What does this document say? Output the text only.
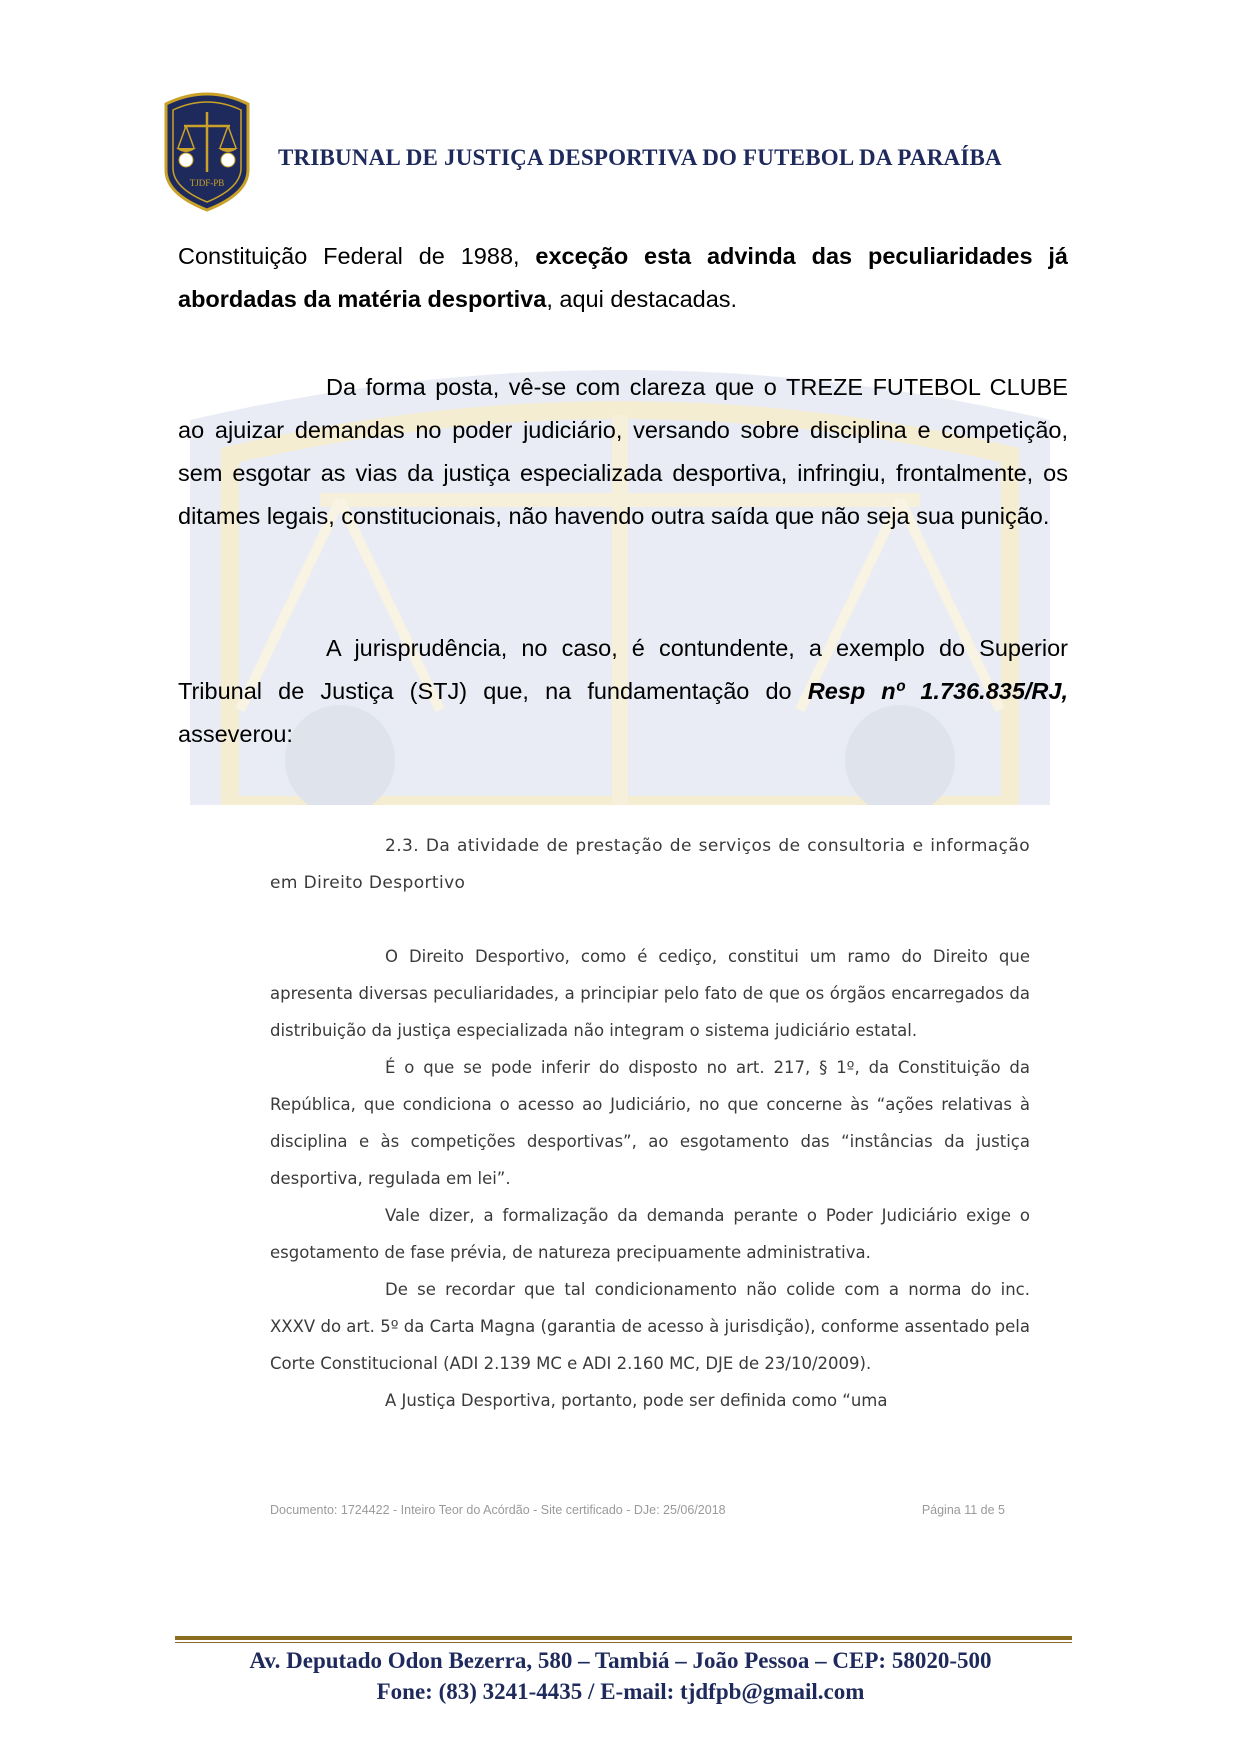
TJDF-PB
TRIBUNAL DE JUSTIÇA DESPORTIVA DO FUTEBOL DA PARAÍBA
Constituição Federal de 1988, exceção esta advinda das peculiaridades já abordadas da matéria desportiva, aqui destacadas.
Da forma posta, vê-se com clareza que o TREZE FUTEBOL CLUBE ao ajuizar demandas no poder judiciário, versando sobre disciplina e competição, sem esgotar as vias da justiça especializada desportiva, infringiu, frontalmente, os ditames legais, constitucionais, não havendo outra saída que não seja sua punição.
A jurisprudência, no caso, é contundente, a exemplo do Superior Tribunal de Justiça (STJ) que, na fundamentação do Resp nº 1.736.835/RJ, asseverou:
2.3. Da atividade de prestação de serviços de consultoria e informação em Direito Desportivo

O Direito Desportivo, como é cediço, constitui um ramo do Direito que apresenta diversas peculiaridades, a principiar pelo fato de que os órgãos encarregados da distribuição da justiça especializada não integram o sistema judiciário estatal.

É o que se pode inferir do disposto no art. 217, § 1º, da Constituição da República, que condiciona o acesso ao Judiciário, no que concerne às “ações relativas à disciplina e às competições desportivas”, ao esgotamento das “instâncias da justiça desportiva, regulada em lei”.

Vale dizer, a formalização da demanda perante o Poder Judiciário exige o esgotamento de fase prévia, de natureza precipuamente administrativa.

De se recordar que tal condicionamento não colide com a norma do inc. XXXV do art. 5º da Carta Magna (garantia de acesso à jurisdição), conforme assentado pela Corte Constitucional (ADI 2.139 MC e ADI 2.160 MC, DJE de 23/10/2009).

A Justiça Desportiva, portanto, pode ser definida como “uma

Documento: 1724422 - Inteiro Teor do Acórdão - Site certificado - DJe: 25/06/2018	Página 11 de 5
Av. Deputado Odon Bezerra, 580 – Tambiá – João Pessoa – CEP: 58020-500
Fone: (83) 3241-4435 / E-mail: tjdfpb@gmail.com
